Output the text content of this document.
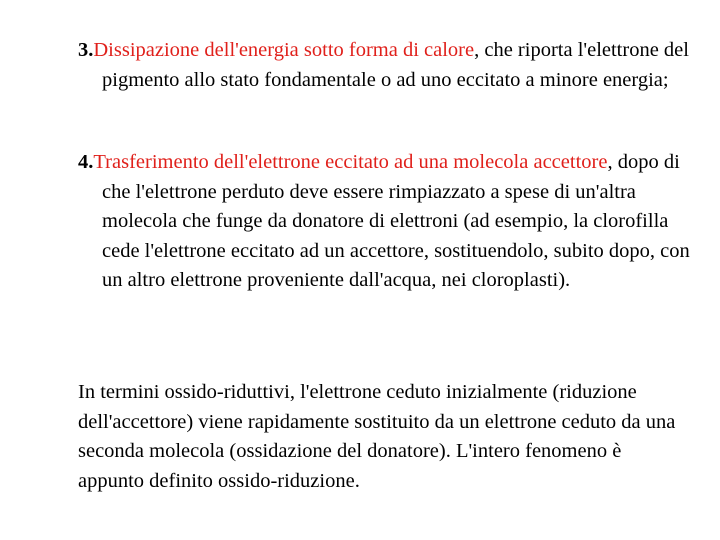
3.Dissipazione dell'energia sotto forma di calore, che riporta l'elettrone del pigmento allo stato fondamentale o ad uno eccitato a minore energia;
4.Trasferimento dell'elettrone eccitato ad una molecola accettore, dopo di che l'elettrone perduto deve essere rimpiazzato a spese di un'altra molecola che funge da donatore di elettroni (ad esempio, la clorofilla cede l'elettrone eccitato ad un accettore, sostituendolo, subito dopo, con un altro elettrone proveniente dall'acqua, nei cloroplasti).
In termini ossido-riduttivi, l'elettrone ceduto inizialmente (riduzione dell'accettore) viene rapidamente sostituito da un elettrone ceduto da una seconda molecola (ossidazione del donatore). L'intero fenomeno è appunto definito ossido-riduzione.
